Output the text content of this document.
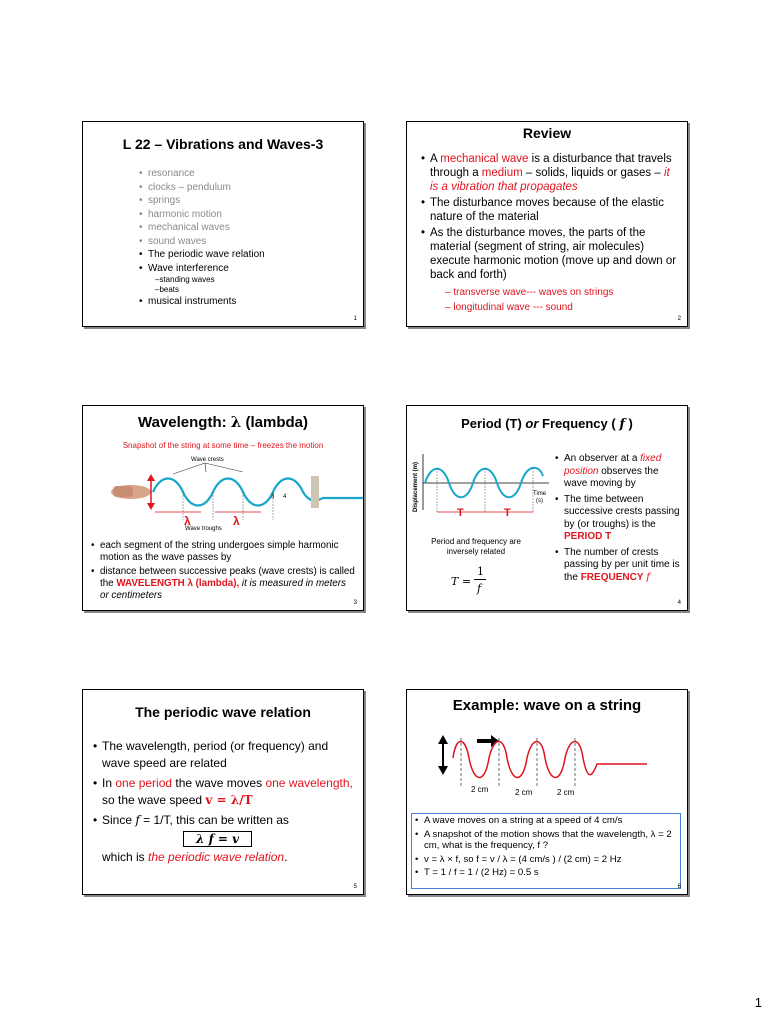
L 22 – Vibrations and Waves-3
• resonance
• clocks – pendulum
• springs
• harmonic motion
• mechanical waves
• sound waves
• The periodic wave relation
• Wave interference
– standing waves
– beats
• musical instruments
1
Review
• A mechanical wave is a disturbance that travels through a medium – solids, liquids or gases – it is a vibration that propagates
• The disturbance moves because of the elastic nature of the material
• As the disturbance moves, the parts of the material (segment of string, air molecules) execute harmonic motion (move up and down or back and forth)
– transverse wave--- waves on strings
– longitudinal wave --- sound
2
Wavelength: λ (lambda)
Snapshot of the string at some time – freezes the motion
Wave crests
3 4
λ	λ
Wave troughs
• each segment of the string undergoes simple harmonic motion as the wave passes by
• distance between successive peaks (wave crests) is called the WAVELENGTH λ (lambda), it is measured in meters or centimeters
3
Period (T) or Frequency ( f )
Displacement (m)	Time
(s)
T	T
Period and frequency are inversely related
T =
1
f
• An observer at a fixed position observes the wave moving by
• The time between successive crests passing by (or troughs) is the PERIOD T
• The number of crests passing by per unit time is the FREQUENCY f
4
The periodic wave relation
• The wavelength, period (or frequency) and wave speed are related
• In one period the wave moves one wavelength, so the wave speed v = λ/T
• Since f = 1/T, this can be written as
λ f = v
which is the periodic wave relation.
5
Example: wave on a string
2 cm	2 cm	2 cm
• A wave moves on a string at a speed of 4 cm/s
• A snapshot of the motion shows that the wavelength, λ = 2 cm, what is the frequency, f ?
• v = λ × f, so f = v / λ = (4 cm/s ) / (2 cm) = 2 Hz
• T = 1 / f = 1 / (2 Hz) = 0.5 s
6
1
